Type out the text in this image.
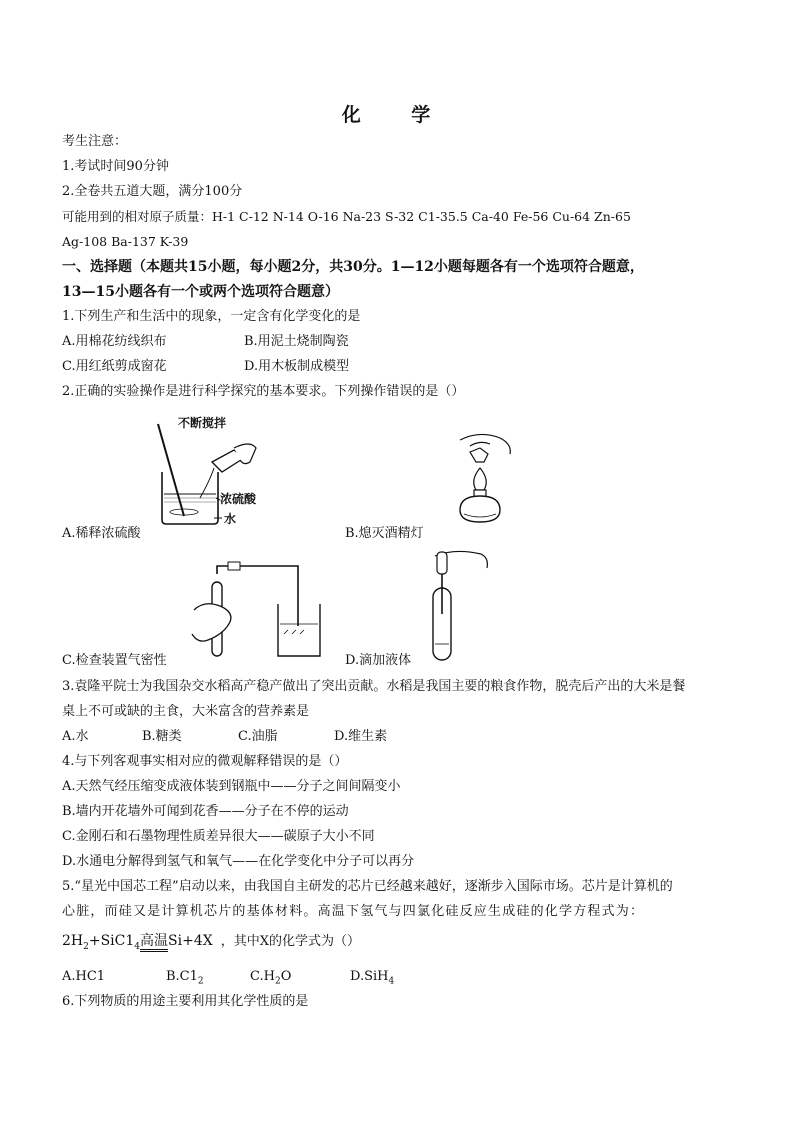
化 学
考生注意：
1.考试时间90分钟
2.全卷共五道大题，满分100分
可能用到的相对原子质量：H-1 C-12 N-14 O-16 Na-23 S-32 C1-35.5 Ca-40 Fe-56 Cu-64 Zn-65
Ag-108 Ba-137 K-39
一、选择题（本题共15小题，每小题2分，共30分。1—12小题每题各有一个选项符合题意，
13—15小题各有一个或两个选项符合题意）
1.下列生产和生活中的现象，一定含有化学变化的是
A.用棉花纺线织布	B.用泥土烧制陶瓷
C.用红纸剪成窗花	D.用木板制成模型
2.正确的实验操作是进行科学探究的基本要求。下列操作错误的是（）
不断搅拌
浓硫酸
水
A.稀释浓硫酸	B.熄灭酒精灯
C.检查装置气密性	D.滴加液体
3.袁隆平院士为我国杂交水稻高产稳产做出了突出贡献。水稻是我国主要的粮食作物，脱壳后产出的大米是餐
桌上不可或缺的主食，大米富含的营养素是
A.水	B.糖类	C.油脂	D.维生素
4.与下列客观事实相对应的微观解释错误的是（）
A.天然气经压缩变成液体装到钢瓶中——分子之间间隔变小
B.墙内开花墙外可闻到花香——分子在不停的运动
C.金刚石和石墨物理性质差异很大——碳原子大小不同
D.水通电分解得到氢气和氧气——在化学变化中分子可以再分
5.“星光中国芯工程”启动以来，由我国自主研发的芯片已经越来越好，逐渐步入国际市场。芯片是计算机的
心脏，而硅又是计算机芯片的基体材料。高温下氢气与四氯化硅反应生成硅的化学方程式为：
$2H_2+SiC1_4$高温Si+4X ，其中X的化学式为（）
A.HC1	$B.C1_2$	$C.H_2O$	D.SiH$_4$
6.下列物质的用途主要利用其化学性质的是
